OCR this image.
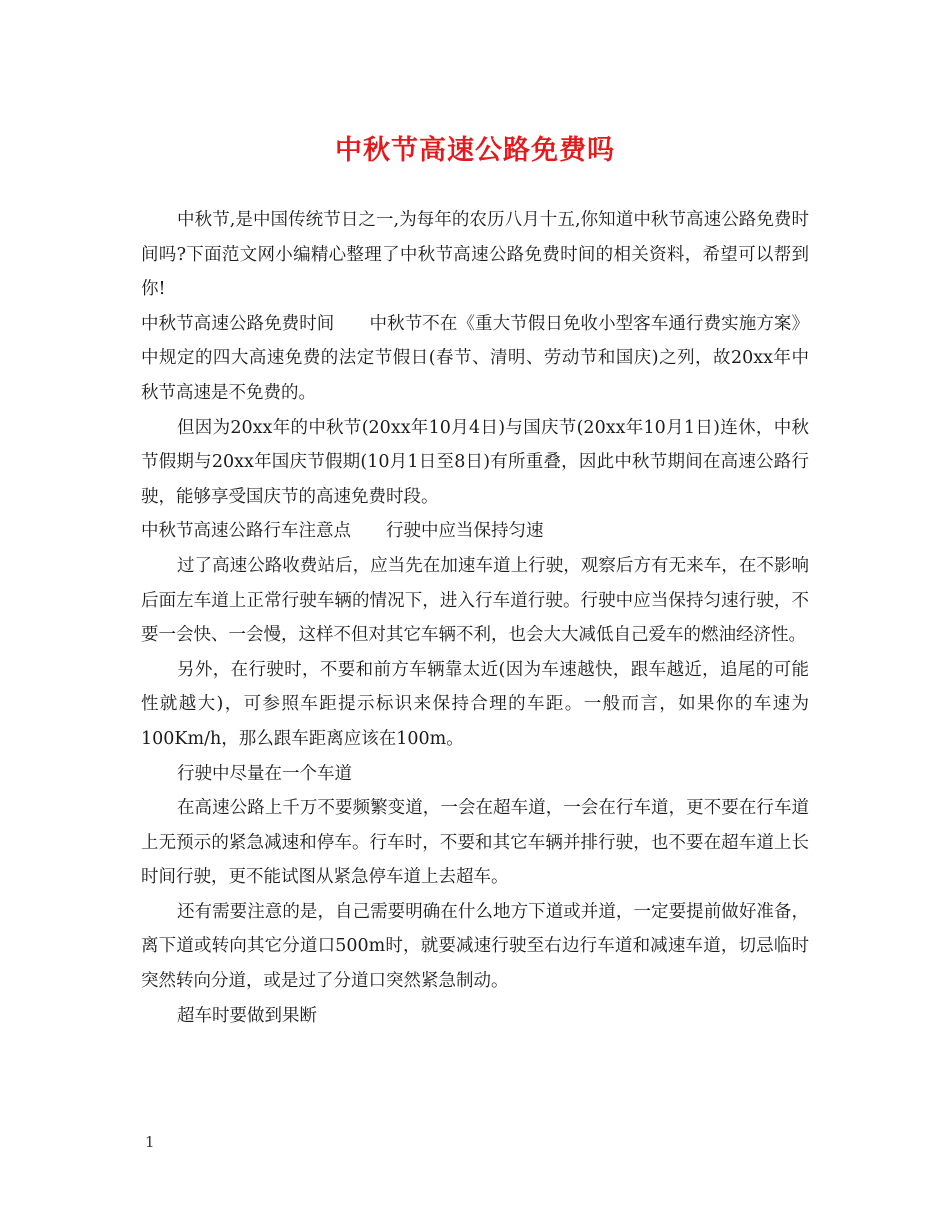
中秋节高速公路免费吗

中秋节,是中国传统节日之一,为每年的农历八月十五,你知道中秋节高速公路免费时间吗?下面范文网小编精心整理了中秋节高速公路免费时间的相关资料，希望可以帮到你!

中秋节高速公路免费时间　　中秋节不在《重大节假日免收小型客车通行费实施方案》中规定的四大高速免费的法定节假日(春节、清明、劳动节和国庆)之列，故20xx年中秋节高速是不免费的。

但因为20xx年的中秋节(20xx年10月4日)与国庆节(20xx年10月1日)连休，中秋节假期与20xx年国庆节假期(10月1日至8日)有所重叠，因此中秋节期间在高速公路行驶，能够享受国庆节的高速免费时段。

中秋节高速公路行车注意点　　行驶中应当保持匀速

过了高速公路收费站后，应当先在加速车道上行驶，观察后方有无来车，在不影响后面左车道上正常行驶车辆的情况下，进入行车道行驶。行驶中应当保持匀速行驶，不要一会快、一会慢，这样不但对其它车辆不利，也会大大减低自己爱车的燃油经济性。

另外，在行驶时，不要和前方车辆靠太近(因为车速越快，跟车越近，追尾的可能性就越大)，可参照车距提示标识来保持合理的车距。一般而言，如果你的车速为100Km/h，那么跟车距离应该在100m。

行驶中尽量在一个车道

在高速公路上千万不要频繁变道，一会在超车道，一会在行车道，更不要在行车道上无预示的紧急减速和停车。行车时，不要和其它车辆并排行驶，也不要在超车道上长时间行驶，更不能试图从紧急停车道上去超车。

还有需要注意的是，自己需要明确在什么地方下道或并道，一定要提前做好准备，离下道或转向其它分道口500m时，就要减速行驶至右边行车道和减速车道，切忌临时突然转向分道，或是过了分道口突然紧急制动。

超车时要做到果断

1
